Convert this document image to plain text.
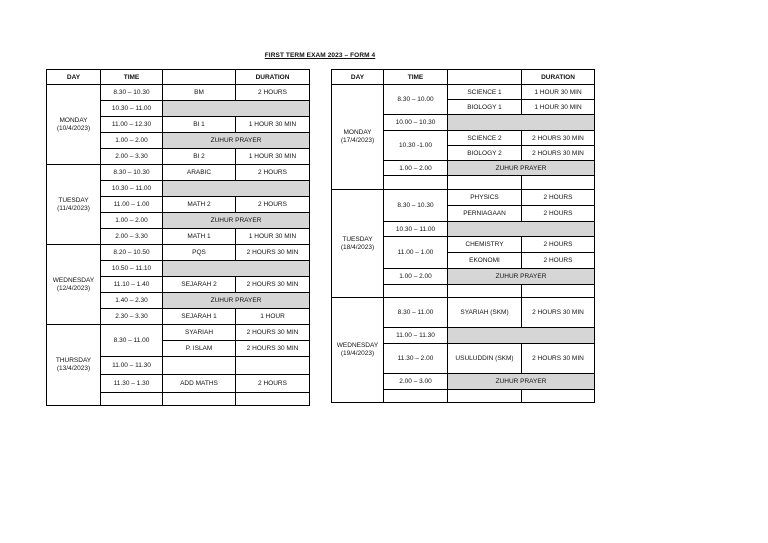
FIRST TERM EXAM 2023 – FORM 4
DAY	TIME		DURATION
MONDAY
(10/4/2023)	8.30 – 10.30	BM	2 HOURS
	10.30 – 11.00		
	11.00 – 12.30	BI 1	1 HOUR 30 MIN
	1.00 – 2.00	ZUHUR PRAYER	
	2.00 – 3.30	BI 2	1 HOUR 30 MIN
TUESDAY
(11/4/2023)	8.30 – 10.30	ARABIC	2 HOURS
	10.30 – 11.00		
	11.00 – 1.00	MATH 2	2 HOURS
	1.00 – 2.00	ZUHUR PRAYER	
	2.00 – 3.30	MATH 1	1 HOUR 30 MIN
WEDNESDAY
(12/4/2023)	8.20 – 10.50	PQS	2 HOURS 30 MIN
	10.50 – 11.10		
	11.10 – 1.40	SEJARAH 2	2 HOURS 30 MIN
	1.40 – 2.30	ZUHUR PRAYER	
	2.30 – 3.30	SEJARAH 1	1 HOUR
THURSDAY
(13/4/2023)	8.30 – 11.00	SYARIAH	2 HOURS 30 MIN
		P. ISLAM	2 HOURS 30 MIN
	11.00 – 11.30		
	11.30 – 1.30	ADD MATHS	2 HOURS

DAY	TIME		DURATION
MONDAY
(17/4/2023)	8.30 – 10.00	SCIENCE 1	1 HOUR 30 MIN
		BIOLOGY 1	1 HOUR 30 MIN
	10.00 – 10.30		
	10.30 -1.00	SCIENCE 2	2 HOURS 30 MIN
		BIOLOGY 2	2 HOURS 30 MIN
	1.00 – 2.00	ZUHUR PRAYER	

TUESDAY
(18/4/2023)	8.30 – 10.30	PHYSICS	2 HOURS
		PERNIAGAAN	2 HOURS
	10.30 – 11.00		
	11.00 – 1.00	CHEMISTRY	2 HOURS
		EKONOMI	2 HOURS
	1.00 – 2.00	ZUHUR PRAYER	

WEDNESDAY
(19/4/2023)	8.30 – 11.00	SYARIAH (SKM)	2 HOURS 30 MIN
	11.00 – 11.30		
	11.30 – 2.00	USULUDDIN (SKM)	2 HOURS 30 MIN
	2.00 – 3.00	ZUHUR PRAYER	
